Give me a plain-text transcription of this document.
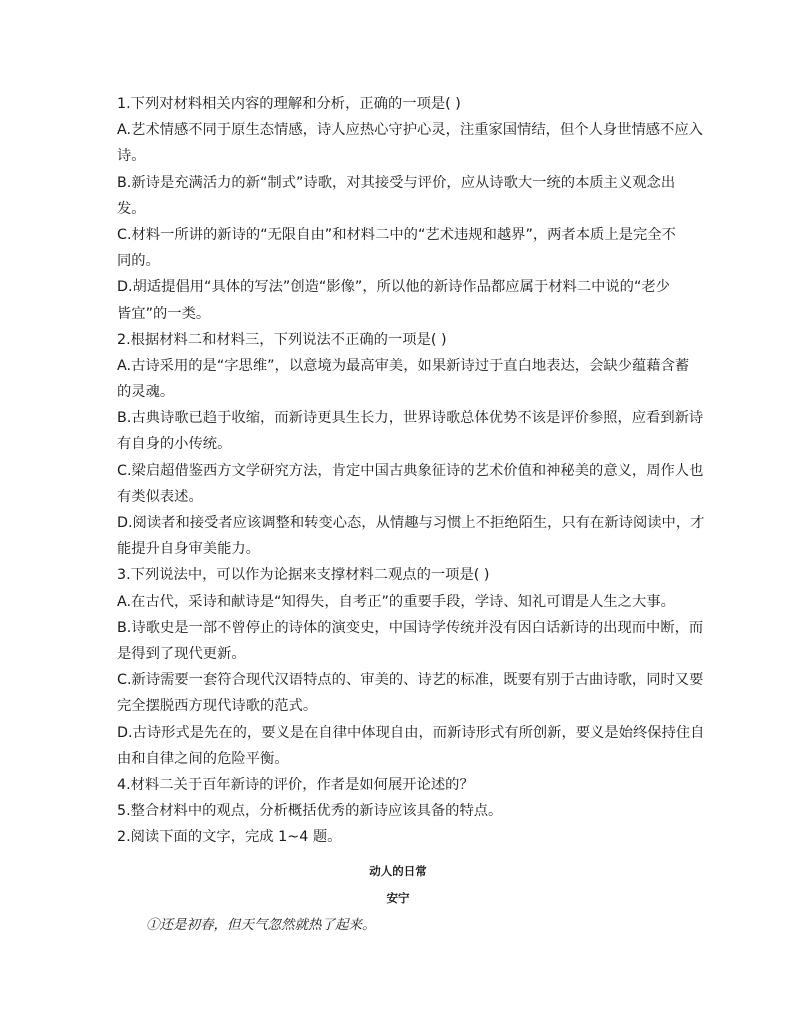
1.下列对材料相关内容的理解和分析，正确的一项是( )
A.艺术情感不同于原生态情感，诗人应热心守护心灵，注重家国情结，但个人身世情感不应入
诗。
B.新诗是充满活力的新“制式”诗歌，对其接受与评价，应从诗歌大一统的本质主义观念出
发。
C.材料一所讲的新诗的“无限自由”和材料二中的“艺术违规和越界”，两者本质上是完全不
同的。
D.胡适提倡用“具体的写法”创造“影像”，所以他的新诗作品都应属于材料二中说的“老少
皆宜”的一类。
2.根据材料二和材料三，下列说法不正确的一项是( )
A.古诗采用的是“字思维”，以意境为最高审美，如果新诗过于直白地表达，会缺少蕴藉含蓄
的灵魂。
B.古典诗歌已趋于收缩，而新诗更具生长力，世界诗歌总体优势不该是评价参照，应看到新诗
有自身的小传统。
C.梁启超借鉴西方文学研究方法，肯定中国古典象征诗的艺术价值和神秘美的意义，周作人也
有类似表述。
D.阅读者和接受者应该调整和转变心态，从情趣与习惯上不拒绝陌生，只有在新诗阅读中，才
能提升自身审美能力。
3.下列说法中，可以作为论据来支撑材料二观点的一项是( )
A.在古代，采诗和献诗是“知得失，自考正”的重要手段，学诗、知礼可谓是人生之大事。
B.诗歌史是一部不曾停止的诗体的演变史，中国诗学传统并没有因白话新诗的出现而中断，而
是得到了现代更新。
C.新诗需要一套符合现代汉语特点的、审美的、诗艺的标准，既要有别于古曲诗歌，同时又要
完全摆脱西方现代诗歌的范式。
D.古诗形式是先在的，要义是在自律中体现自由，而新诗形式有所创新，要义是始终保持住自
由和自律之间的危险平衡。
4.材料二关于百年新诗的评价，作者是如何展开论述的？
5.整合材料中的观点，分析概括优秀的新诗应该具备的特点。
2.阅读下面的文字，完成 1~4 题。
动人的日常
安宁
①还是初春，但天气忽然就热了起来。
